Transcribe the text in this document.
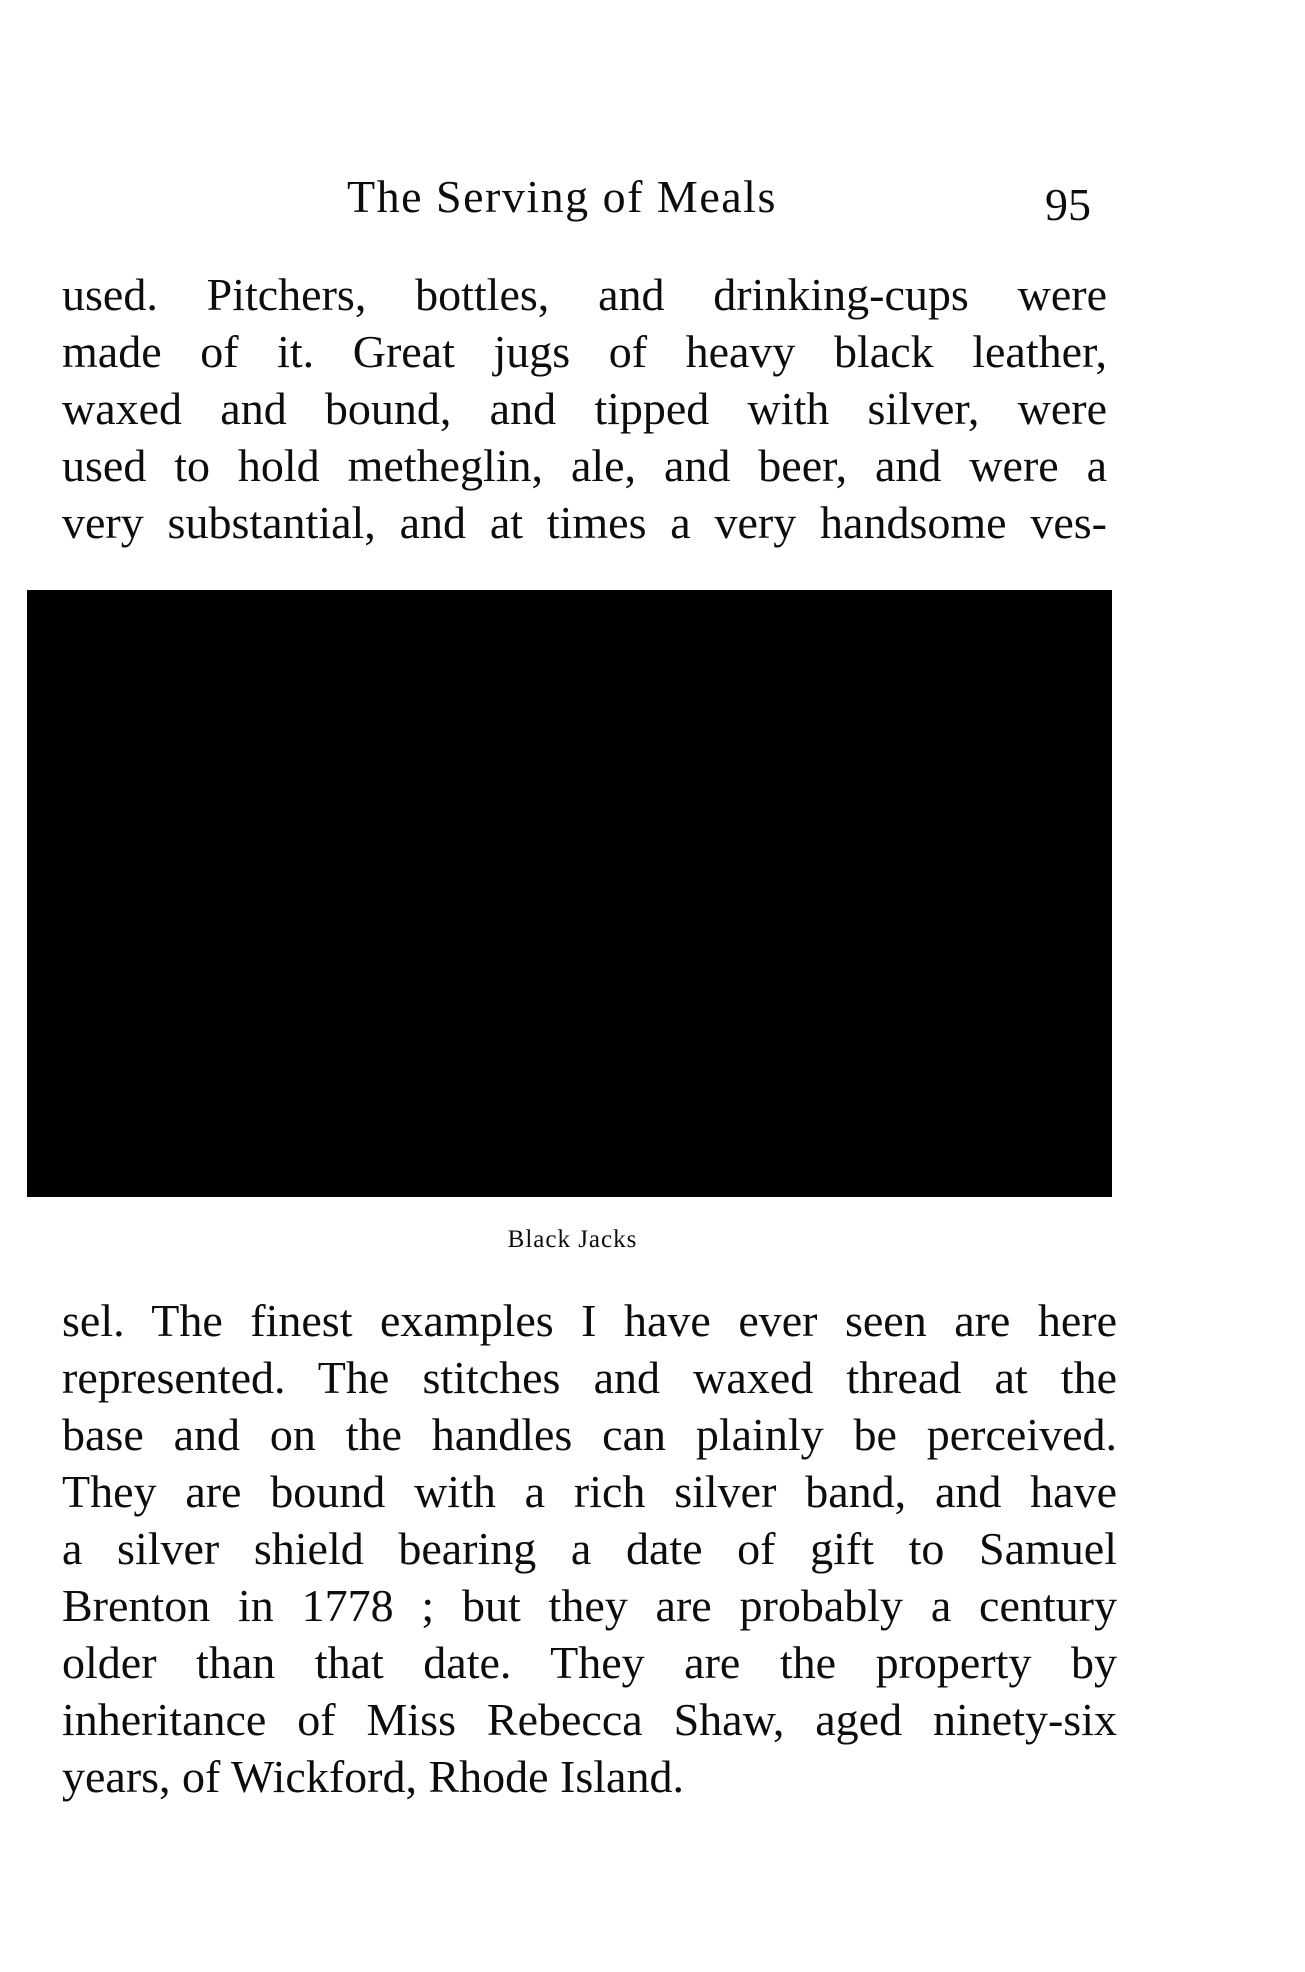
The Serving of Meals	95
used. Pitchers, bottles, and drinking-cups were
made of it. Great jugs of heavy black leather,
waxed and bound, and tipped with silver, were
used to hold metheglin, ale, and beer, and were a
very substantial, and at times a very handsome ves-
Black Jacks
sel. The finest examples I have ever seen are here
represented. The stitches and waxed thread at the
base and on the handles can plainly be perceived.
They are bound with a rich silver band, and have
a silver shield bearing a date of gift to Samuel
Brenton in 1778 ; but they are probably a century
older than that date. They are the property by
inheritance of Miss Rebecca Shaw, aged ninety-six
years, of Wickford, Rhode Island.
